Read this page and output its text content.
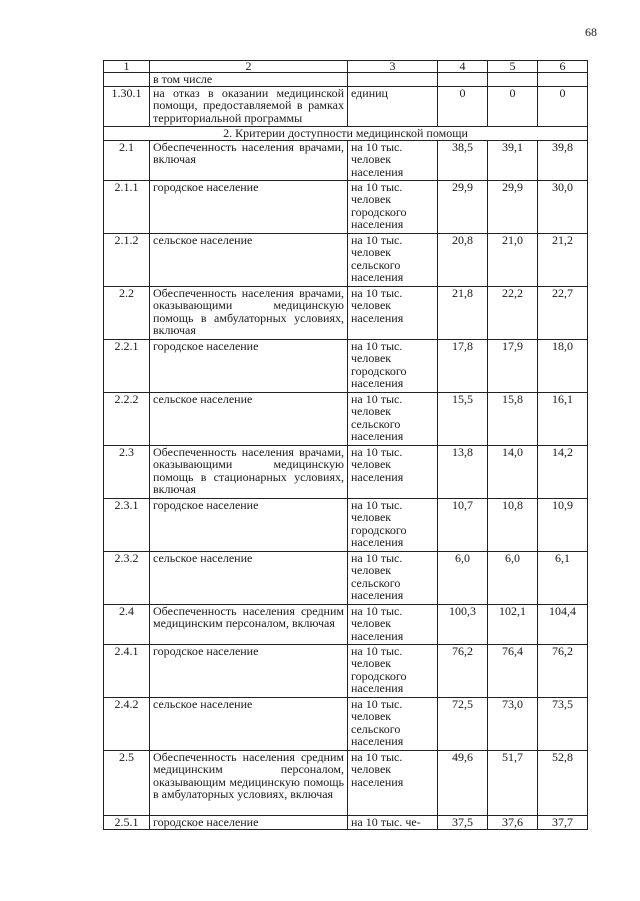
68
1	2	3	4	5	6
	в том числе				
1.30.1	на отказ в оказании медицинской помощи, предоставляемой в рамках территориальной программы	единиц	0	0	0
2. Критерии доступности медицинской помощи					
2.1	Обеспеченность населения врачами, включая	на 10 тыс. человек населения	38,5	39,1	39,8
2.1.1	городское население	на 10 тыс. человек городского населения	29,9	29,9	30,0
2.1.2	сельское население	на 10 тыс. человек сельского населения	20,8	21,0	21,2
2.2	Обеспеченность населения врачами, оказывающими медицинскую помощь в амбулаторных условиях, включая	на 10 тыс. человек населения	21,8	22,2	22,7
2.2.1	городское население	на 10 тыс. человек городского населения	17,8	17,9	18,0
2.2.2	сельское население	на 10 тыс. человек сельского населения	15,5	15,8	16,1
2.3	Обеспеченность населения врачами, оказывающими медицинскую помощь в стационарных условиях, включая	на 10 тыс. человек населения	13,8	14,0	14,2
2.3.1	городское население	на 10 тыс. человек городского населения	10,7	10,8	10,9
2.3.2	сельское население	на 10 тыс. человек сельского населения	6,0	6,0	6,1
2.4	Обеспеченность населения средним медицинским персоналом, включая	на 10 тыс. человек населения	100,3	102,1	104,4
2.4.1	городское население	на 10 тыс. человек городского населения	76,2	76,4	76,2
2.4.2	сельское население	на 10 тыс. человек сельского населения	72,5	73,0	73,5
2.5	Обеспеченность населения средним медицинским персоналом, оказывающим медицинскую помощь в амбулаторных условиях, включая	на 10 тыс. человек населения	49,6	51,7	52,8
2.5.1	городское население	на 10 тыс. че-	37,5	37,6	37,7
